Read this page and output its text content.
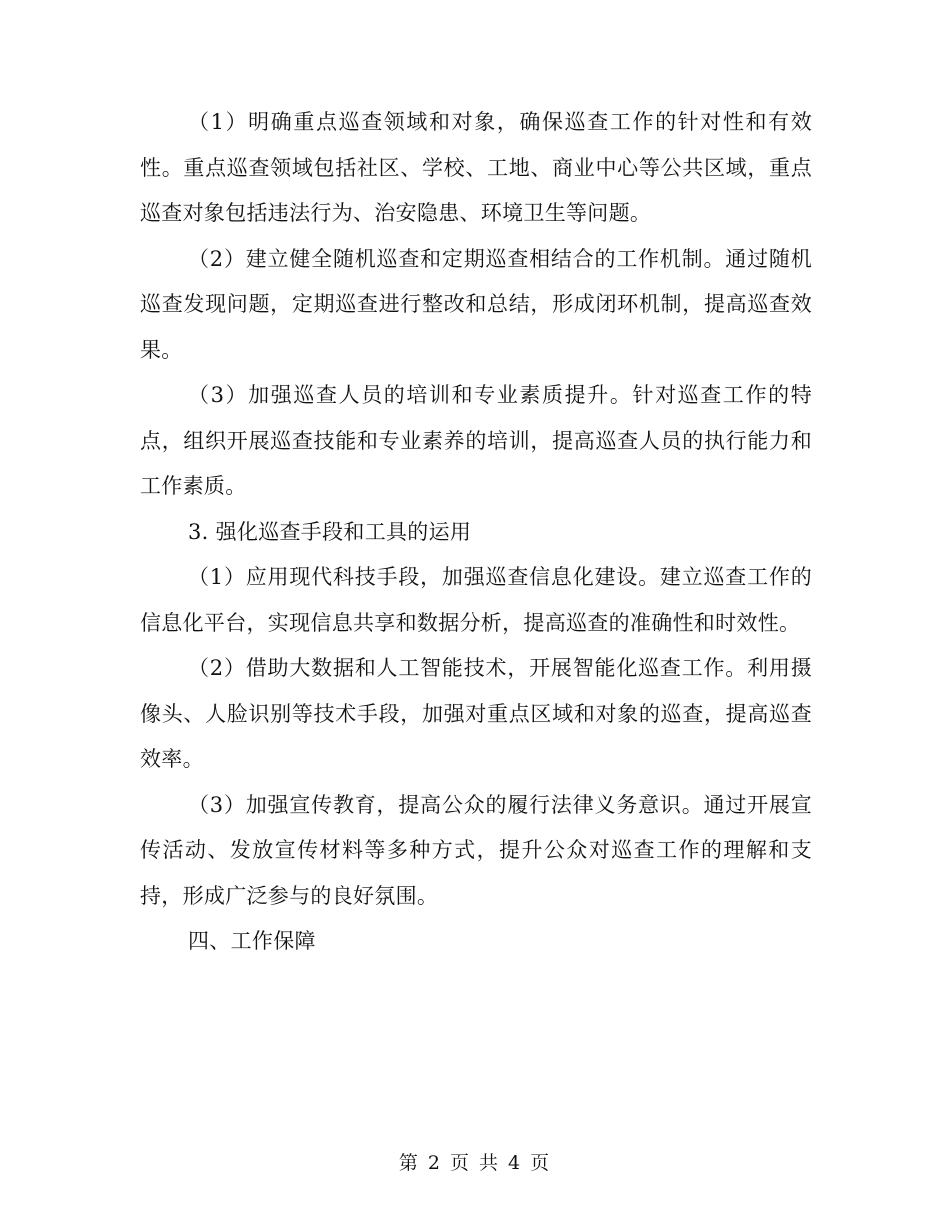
（1）明确重点巡查领域和对象，确保巡查工作的针对性和有效性。重点巡查领域包括社区、学校、工地、商业中心等公共区域，重点巡查对象包括违法行为、治安隐患、环境卫生等问题。

（2）建立健全随机巡查和定期巡查相结合的工作机制。通过随机巡查发现问题，定期巡查进行整改和总结，形成闭环机制，提高巡查效果。

（3）加强巡查人员的培训和专业素质提升。针对巡查工作的特点，组织开展巡查技能和专业素养的培训，提高巡查人员的执行能力和工作素质。

3. 强化巡查手段和工具的运用

（1）应用现代科技手段，加强巡查信息化建设。建立巡查工作的信息化平台，实现信息共享和数据分析，提高巡查的准确性和时效性。

（2）借助大数据和人工智能技术，开展智能化巡查工作。利用摄像头、人脸识别等技术手段，加强对重点区域和对象的巡查，提高巡查效率。

（3）加强宣传教育，提高公众的履行法律义务意识。通过开展宣传活动、发放宣传材料等多种方式，提升公众对巡查工作的理解和支持，形成广泛参与的良好氛围。

四、工作保障

第 2 页 共 4 页
